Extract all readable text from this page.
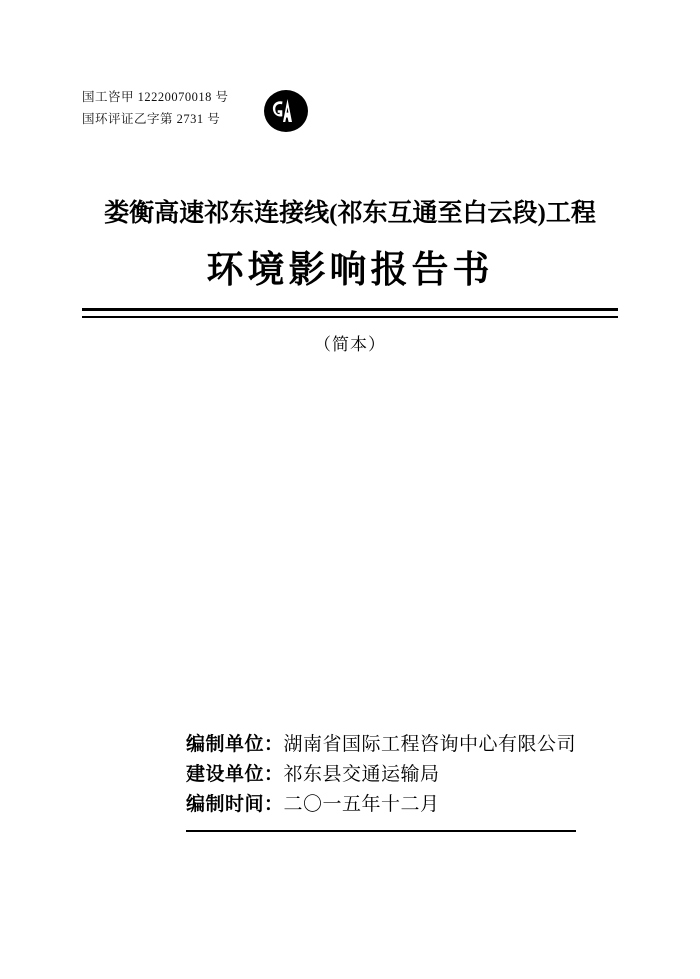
国工咨甲 12220070018 号
国环评证乙字第 2731 号
娄衡高速祁东连接线(祁东互通至白云段)工程
环境影响报告书
（简本）
编制单位：湖南省国际工程咨询中心有限公司
建设单位：祁东县交通运输局
编制时间：二〇一五年十二月
